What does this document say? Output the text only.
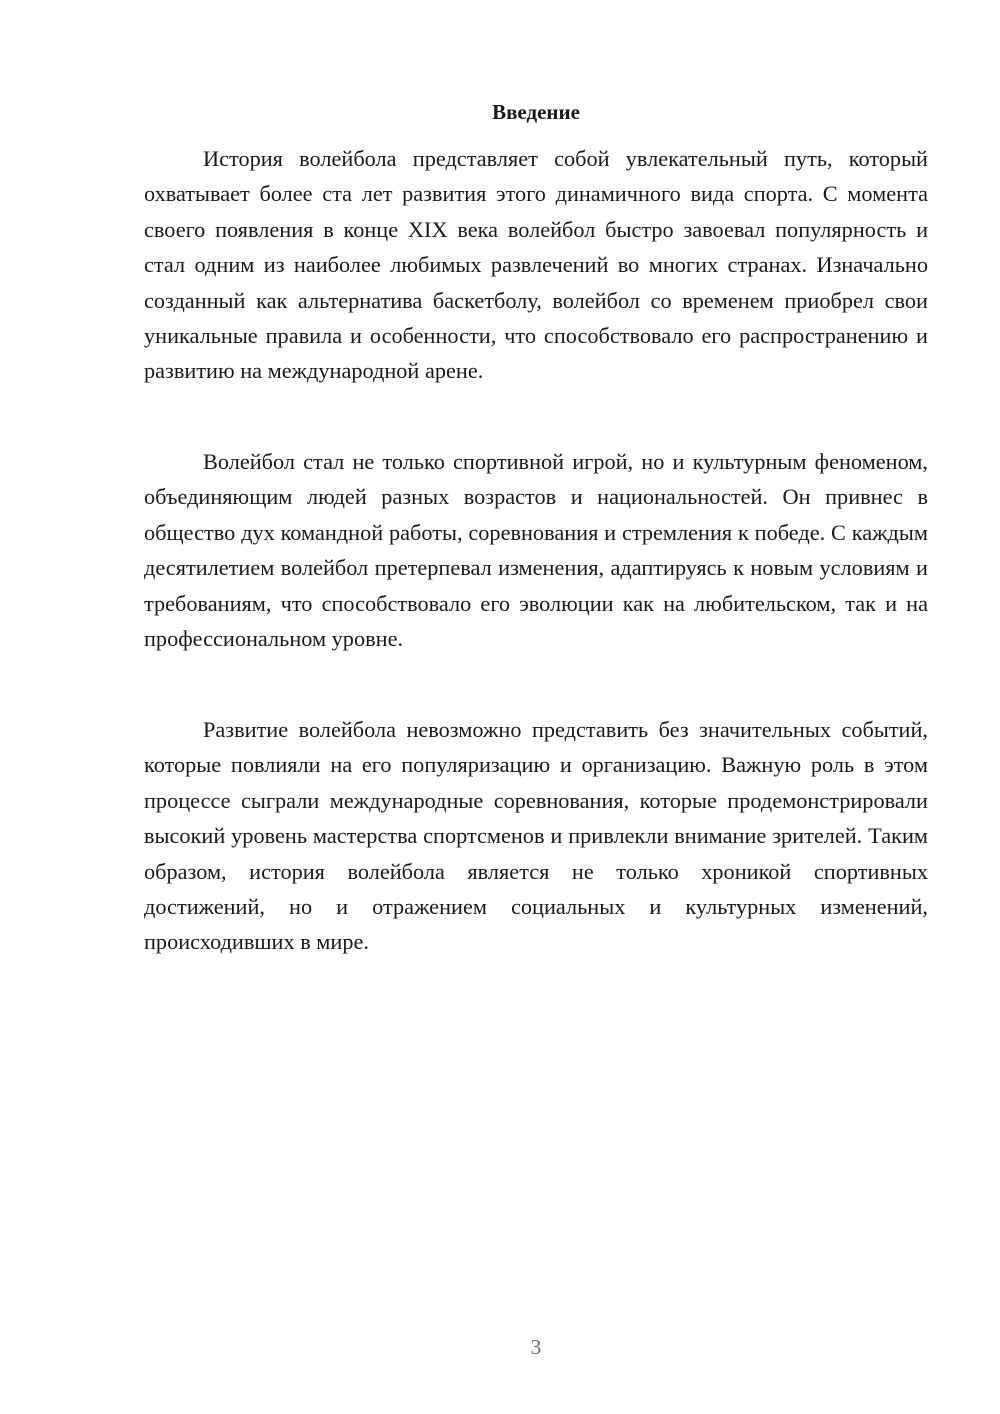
Введение

История волейбола представляет собой увлекательный путь, который охватывает более ста лет развития этого динамичного вида спорта. С момента своего появления в конце XIX века волейбол быстро завоевал популярность и стал одним из наиболее любимых развлечений во многих странах. Изначально созданный как альтернатива баскетболу, волейбол со временем приобрел свои уникальные правила и особенности, что способствовало его распространению и развитию на международной арене.

Волейбол стал не только спортивной игрой, но и культурным феноменом, объединяющим людей разных возрастов и национальностей. Он привнес в общество дух командной работы, соревнования и стремления к победе. С каждым десятилетием волейбол претерпевал изменения, адаптируясь к новым условиям и требованиям, что способствовало его эволюции как на любительском, так и на профессиональном уровне.

Развитие волейбола невозможно представить без значительных событий, которые повлияли на его популяризацию и организацию. Важную роль в этом процессе сыграли международные соревнования, которые продемонстрировали высокий уровень мастерства спортсменов и привлекли внимание зрителей. Таким образом, история волейбола является не только хроникой спортивных достижений, но и отражением социальных и культурных изменений, происходивших в мире.

3
